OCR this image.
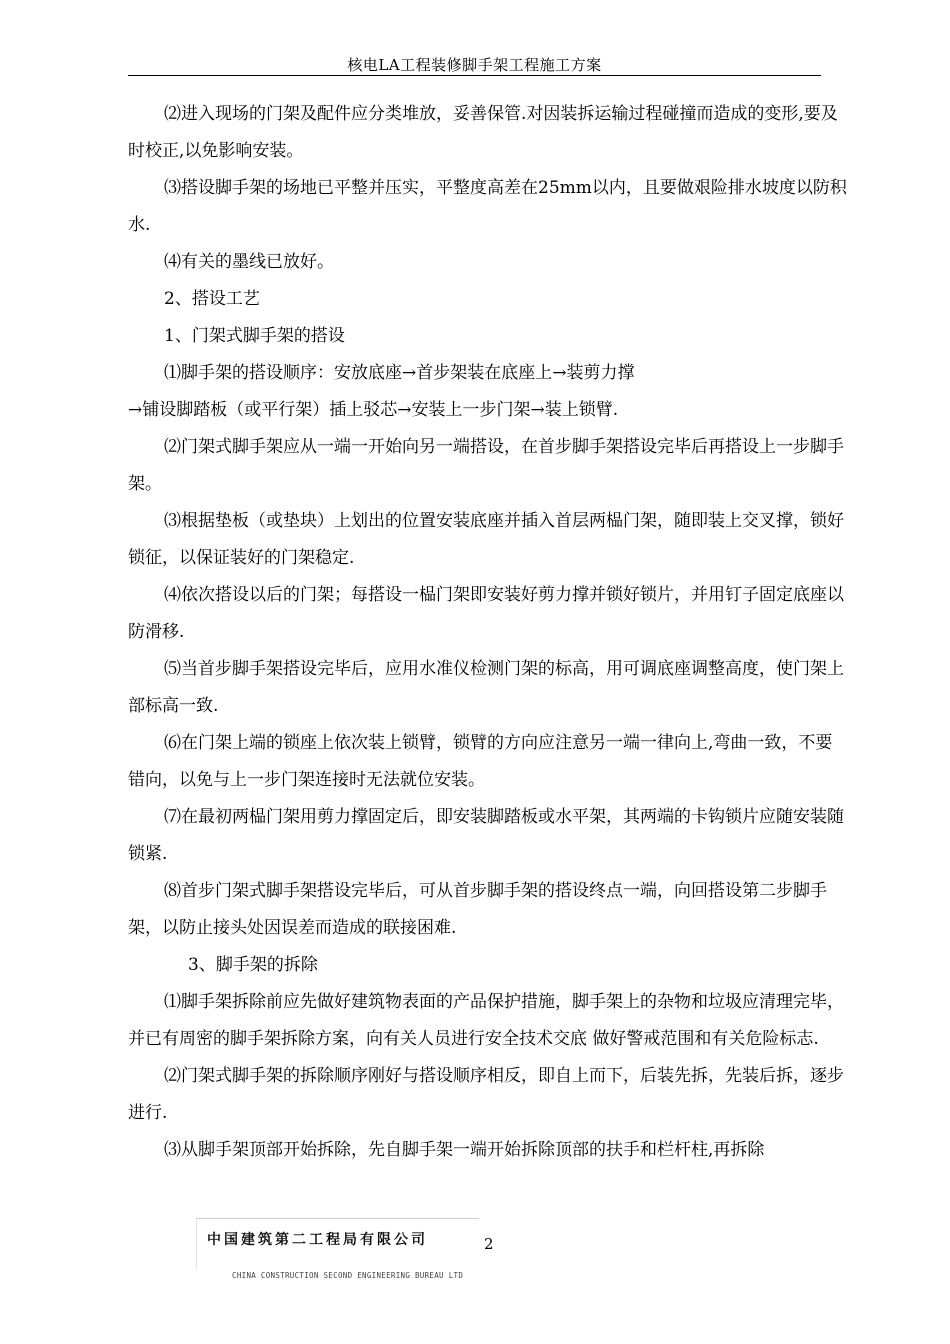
核电LA工程装修脚手架工程施工方案

⑵进入现场的门架及配件应分类堆放，妥善保管.对因装拆运输过程碰撞而造成的变形,要及时校正,以免影响安装。

⑶搭设脚手架的场地已平整并压实，平整度高差在25mm以内，且要做艰险排水坡度以防积水.

⑷有关的墨线已放好。

2、搭设工艺

1、门架式脚手架的搭设

⑴脚手架的搭设顺序：安放底座→首步架装在底座上→装剪力撑

→铺设脚踏板（或平行架）插上驳芯→安装上一步门架→装上锁臂.

⑵门架式脚手架应从一端一开始向另一端搭设，在首步脚手架搭设完毕后再搭设上一步脚手架。

⑶根据垫板（或垫块）上划出的位置安装底座并插入首层两榀门架，随即装上交叉撑，锁好锁征，以保证装好的门架稳定.

⑷依次搭设以后的门架；每搭设一榀门架即安装好剪力撑并锁好锁片，并用钉子固定底座以防滑移.

⑸当首步脚手架搭设完毕后，应用水准仪检测门架的标高，用可调底座调整高度，使门架上部标高一致.

⑹在门架上端的锁座上依次装上锁臂，锁臂的方向应注意另一端一律向上,弯曲一致，不要错向，以免与上一步门架连接时无法就位安装。

⑺在最初两榀门架用剪力撑固定后，即安装脚踏板或水平架，其两端的卡钩锁片应随安装随锁紧.

⑻首步门架式脚手架搭设完毕后，可从首步脚手架的搭设终点一端，向回搭设第二步脚手架，以防止接头处因误差而造成的联接困难.

3、脚手架的拆除

⑴脚手架拆除前应先做好建筑物表面的产品保护措施，脚手架上的杂物和垃圾应清理完毕，并已有周密的脚手架拆除方案，向有关人员进行安全技术交底 做好警戒范围和有关危险标志.

⑵门架式脚手架的拆除顺序刚好与搭设顺序相反，即自上而下，后装先拆，先装后拆，逐步进行.

⑶从脚手架顶部开始拆除，先自脚手架一端开始拆除顶部的扶手和栏杆柱,再拆除

中国建筑第二工程局有限公司
CHINA CONSTRUCTION SECOND ENGINEERING BUREAU LTD
2
